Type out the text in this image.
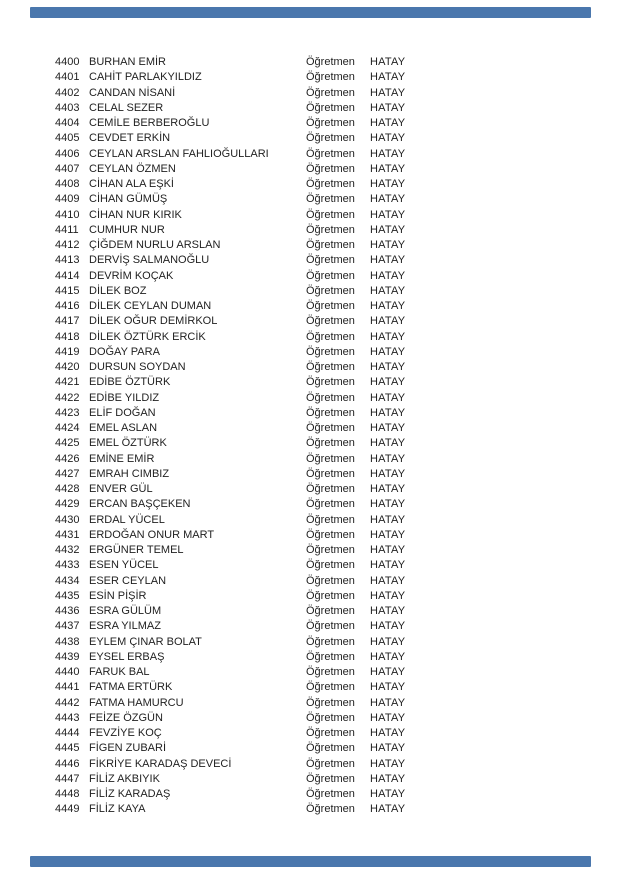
4400 BURHAN EMİR	Öğretmen HATAY
4401 CAHİT PARLAKYILDIZ	Öğretmen HATAY
4402 CANDAN NİSANİ	Öğretmen HATAY
4403 CELAL SEZER	Öğretmen HATAY
4404 CEMİLE BERBEROĞLU	Öğretmen HATAY
4405 CEVDET ERKİN	Öğretmen HATAY
4406 CEYLAN ARSLAN FAHLIOĞULLARI	Öğretmen HATAY
4407 CEYLAN ÖZMEN	Öğretmen HATAY
4408 CİHAN ALA EŞKİ	Öğretmen HATAY
4409 CİHAN GÜMÜŞ	Öğretmen HATAY
4410 CİHAN NUR KIRIK	Öğretmen HATAY
4411 CUMHUR NUR	Öğretmen HATAY
4412 ÇİĞDEM NURLU ARSLAN	Öğretmen HATAY
4413 DERVİŞ SALMANOĞLU	Öğretmen HATAY
4414 DEVRİM KOÇAK	Öğretmen HATAY
4415 DİLEK BOZ	Öğretmen HATAY
4416 DİLEK CEYLAN DUMAN	Öğretmen HATAY
4417 DİLEK OĞUR DEMİRKOL	Öğretmen HATAY
4418 DİLEK ÖZTÜRK ERCİK	Öğretmen HATAY
4419 DOĞAY PARA	Öğretmen HATAY
4420 DURSUN SOYDAN	Öğretmen HATAY
4421 EDİBE ÖZTÜRK	Öğretmen HATAY
4422 EDİBE YILDIZ	Öğretmen HATAY
4423 ELİF DOĞAN	Öğretmen HATAY
4424 EMEL ASLAN	Öğretmen HATAY
4425 EMEL ÖZTÜRK	Öğretmen HATAY
4426 EMİNE EMİR	Öğretmen HATAY
4427 EMRAH CIMBIZ	Öğretmen HATAY
4428 ENVER GÜL	Öğretmen HATAY
4429 ERCAN BAŞÇEKEN	Öğretmen HATAY
4430 ERDAL YÜCEL	Öğretmen HATAY
4431 ERDOĞAN ONUR MART	Öğretmen HATAY
4432 ERGÜNER TEMEL	Öğretmen HATAY
4433 ESEN YÜCEL	Öğretmen HATAY
4434 ESER CEYLAN	Öğretmen HATAY
4435 ESİN PİŞİR	Öğretmen HATAY
4436 ESRA GÜLÜM	Öğretmen HATAY
4437 ESRA YILMAZ	Öğretmen HATAY
4438 EYLEM ÇINAR BOLAT	Öğretmen HATAY
4439 EYSEL ERBAŞ	Öğretmen HATAY
4440 FARUK BAL	Öğretmen HATAY
4441 FATMA ERTÜRK	Öğretmen HATAY
4442 FATMA HAMURCU	Öğretmen HATAY
4443 FEİZE ÖZGÜN	Öğretmen HATAY
4444 FEVZİYE KOÇ	Öğretmen HATAY
4445 FİGEN ZUBARİ	Öğretmen HATAY
4446 FİKRİYE KARADAŞ DEVECİ	Öğretmen HATAY
4447 FİLİZ AKBIYIK	Öğretmen HATAY
4448 FİLİZ KARADAŞ	Öğretmen HATAY
4449 FİLİZ KAYA	Öğretmen HATAY
